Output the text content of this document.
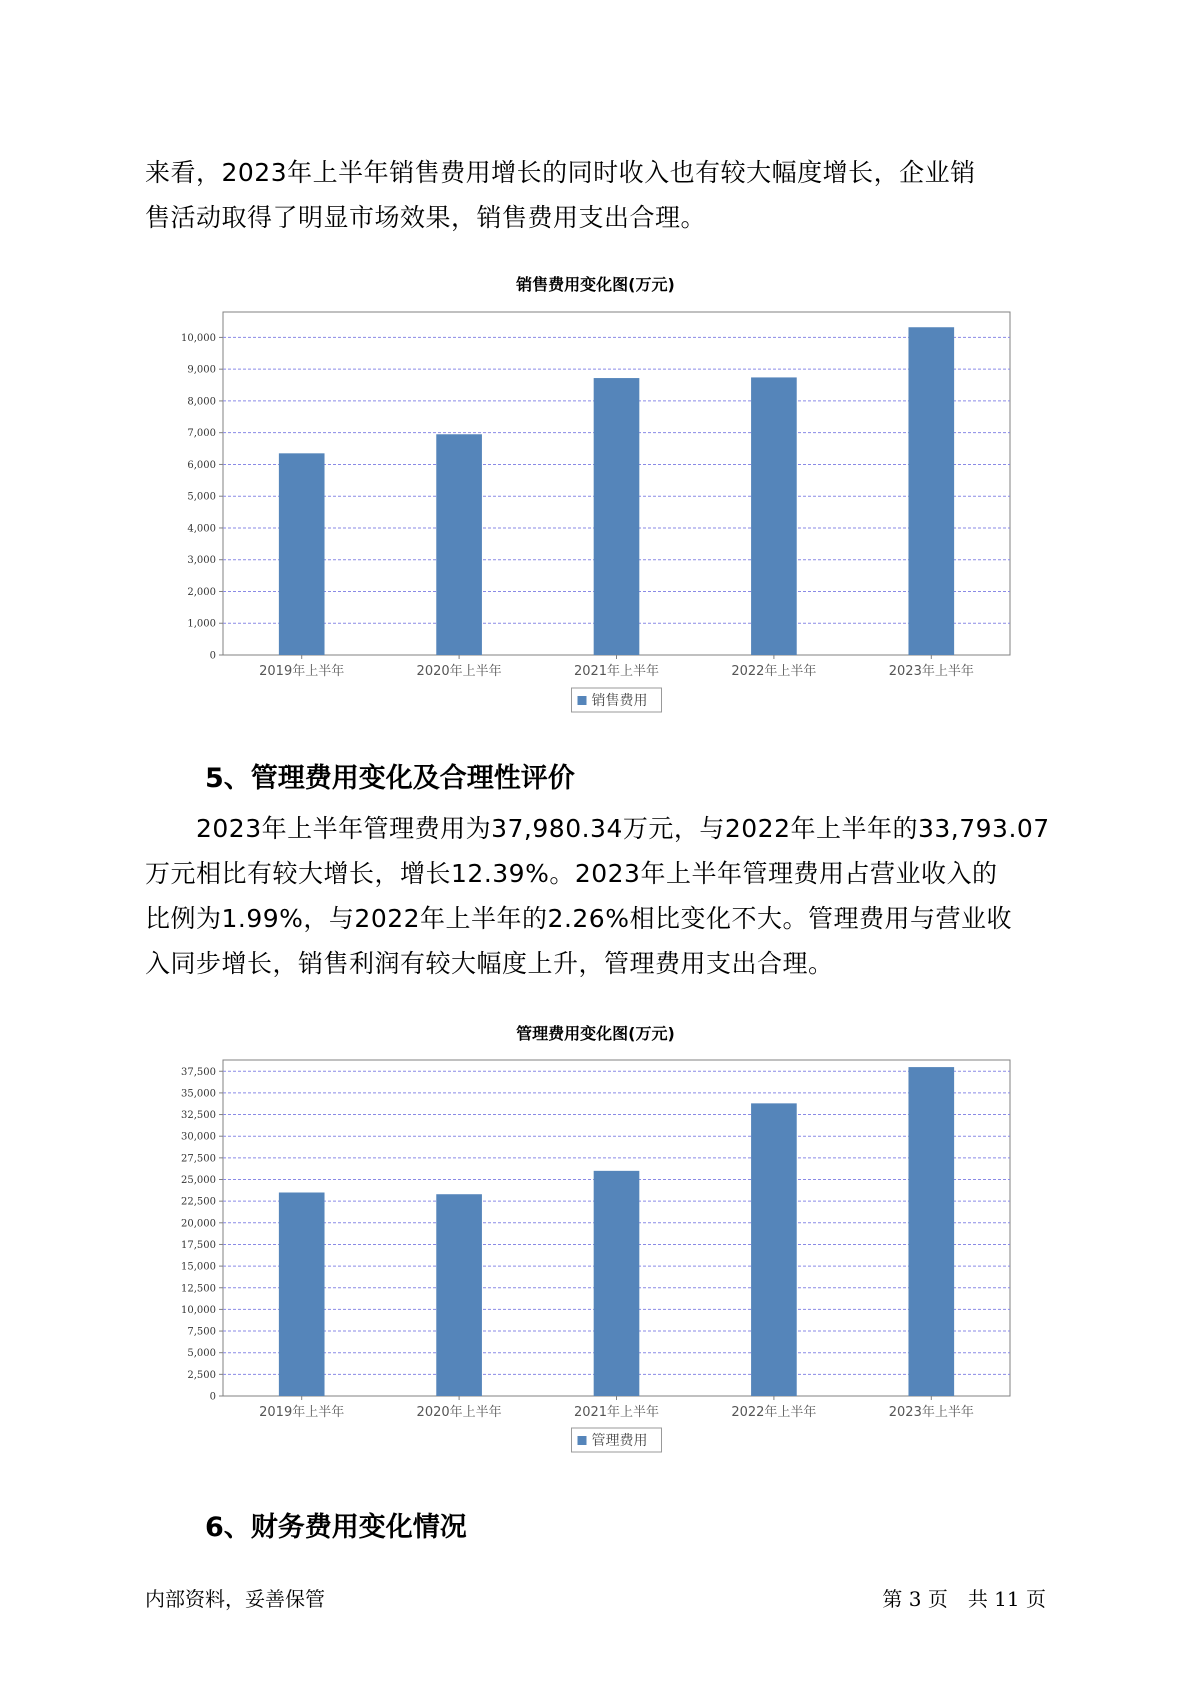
来看，2023年上半年销售费用增长的同时收入也有较大幅度增长，企业销

售活动取得了明显市场效果，销售费用支出合理。

销售费用变化图(万元)
0
1,000
2,000
3,000
4,000
5,000
6,000
7,000
8,000
9,000
10,000
2019年上半年	2020年上半年	2021年上半年	2022年上半年	2023年上半年
销售费用
5、管理费用变化及合理性评价

　　2023年上半年管理费用为37,980.34万元，与2022年上半年的33,793.07

万元相比有较大增长，增长12.39%。2023年上半年管理费用占营业收入的

比例为1.99%，与2022年上半年的2.26%相比变化不大。管理费用与营业收

入同步增长，销售利润有较大幅度上升，管理费用支出合理。

管理费用变化图(万元)
0
2,500
5,000
7,500
10,000
12,500
15,000
17,500
20,000
22,500
25,000
27,500
30,000
32,500
35,000
37,500
2019年上半年	2020年上半年	2021年上半年	2022年上半年	2023年上半年
管理费用
6、财务费用变化情况
内部资料，妥善保管	第 3 页　共 11 页
